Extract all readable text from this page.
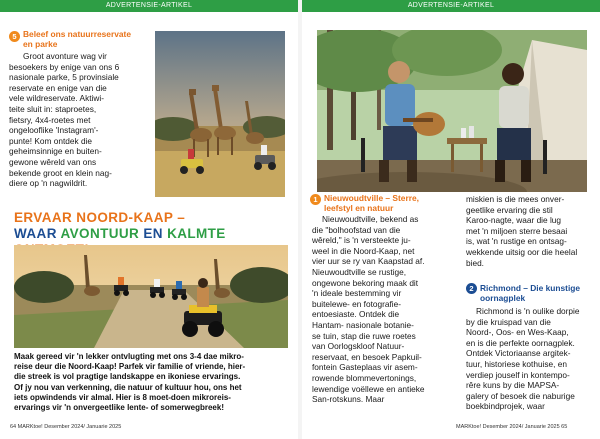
ADVERTENSIE-ARTIKEL	ADVERTENSIE-ARTIKEL
5 Beleef ons natuurreservate
en parke
Groot avonture wag vir
besoekers by enige van ons 6
nasionale parke, 5 provinsiale
reservate en enige van die
vele wildreservate. Aktiwi-
teite sluit in: staproetes,
fietsry, 4x4-roetes met
ongelooflike 'Instagram'-
punte! Kom ontdek die
geheimsinnige en buiten-
gewone wêreld van ons
bekende groot en klein nag-
diere op 'n nagwildrit.
ERVAAR NOORD-KAAP –
WAAR AVONTUUR EN KALMTE
Maak gereed vir 'n lekker ontvlugting met ons 3-4 dae mikro-
reise deur die Noord-Kaap! Parfek vir familie of vriende, hier-
die streek is vol pragtige landskappe en ikoniese ervarings.
Of jy nou van verkenning, die natuur of kultuur hou, ons het
iets opwindends vir almal. Hier is 8 moet-doen mikroreis-
ervarings vir 'n onvergeetlike lente- of somerwegbreek!
64 MARKtoe! Desember 2024/ Januarie 2025
1 Nieuwoudtville – Sterre,
leefstyl en natuur
Nieuwoudtville, bekend as
die "bolhoofstad van die
wêreld," is 'n versteekte ju-
weel in die Noord-Kaap, net
vier uur se ry van Kaapstad af.
Nieuwoudtville se rustige,
ongewone bekoring maak dit
'n ideale bestemming vir
buitelewe- en fotografie-
entoesiaste. Ontdek die
Hantam- nasionale botanie-
se tuin, stap die ruwe roetes
van Oorlogskloof Natuur-
reservaat, en besoek Papkuil-
fontein Gasteplaas vir asem-
rowende blommevertonings,
lewendige voëllewe en antieke
San-rotskuns. Maar
miskien is die mees onver-
geetlike ervaring die stil
Karoo-nagte, waar die lug
met 'n miljoen sterre besaai
is, wat 'n rustige en ontsag-
wekkende uitsig oor die heelal
bied.
2 Richmond – Die kunstige
oornagplek
Richmond is 'n oulike dorpie
by die kruispad van die
Noord-, Oos- en Wes-Kaap,
en is die perfekte oornagplek.
Ontdek Victoriaanse argitek-
tuur, historiese kothuise, en
verdiep jouself in kontempo-
rêre kuns by die MAPSA-
galery of besoek die naburige
boekbindprojek, waar
MARKtoe! Desember 2024/ Januarie 2025 65
